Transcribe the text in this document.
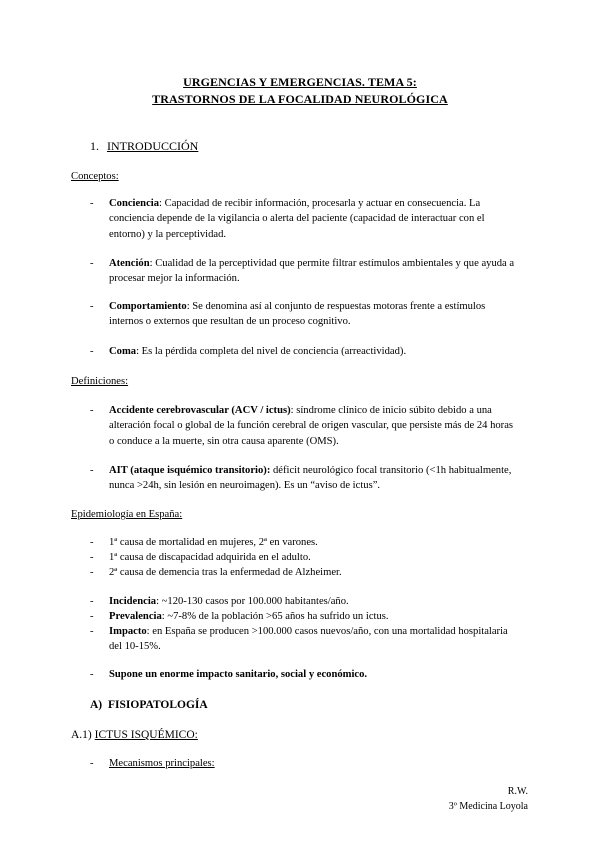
URGENCIAS Y EMERGENCIAS. TEMA 5:
TRASTORNOS DE LA FOCALIDAD NEUROLÓGICA
1. INTRODUCCIÓN
Conceptos:
- Conciencia: Capacidad de recibir información, procesarla y actuar en consecuencia. La conciencia depende de la vigilancia o alerta del paciente (capacidad de interactuar con el entorno) y la perceptividad.
- Atención: Cualidad de la perceptividad que permite filtrar estímulos ambientales y que ayuda a procesar mejor la información.
- Comportamiento: Se denomina así al conjunto de respuestas motoras frente a estímulos internos o externos que resultan de un proceso cognitivo.
- Coma: Es la pérdida completa del nivel de conciencia (arreactividad).
Definiciones:
- Accidente cerebrovascular (ACV / ictus): síndrome clínico de inicio súbito debido a una alteración focal o global de la función cerebral de origen vascular, que persiste más de 24 horas o conduce a la muerte, sin otra causa aparente (OMS).
- AIT (ataque isquémico transitorio): déficit neurológico focal transitorio (<1h habitualmente, nunca >24h, sin lesión en neuroimagen). Es un “aviso de ictus”.
Epidemiología en España:
- 1ª causa de mortalidad en mujeres, 2ª en varones.
- 1ª causa de discapacidad adquirida en el adulto.
- 2ª causa de demencia tras la enfermedad de Alzheimer.
- Incidencia: ~120-130 casos por 100.000 habitantes/año.
- Prevalencia: ~7-8% de la población >65 años ha sufrido un ictus.
- Impacto: en España se producen >100.000 casos nuevos/año, con una mortalidad hospitalaria del 10-15%.
- Supone un enorme impacto sanitario, social y económico.
A) FISIOPATOLOGÍA
A.1) ICTUS ISQUÉMICO:
- Mecanismos principales:
R.W.
3º Medicina Loyola
